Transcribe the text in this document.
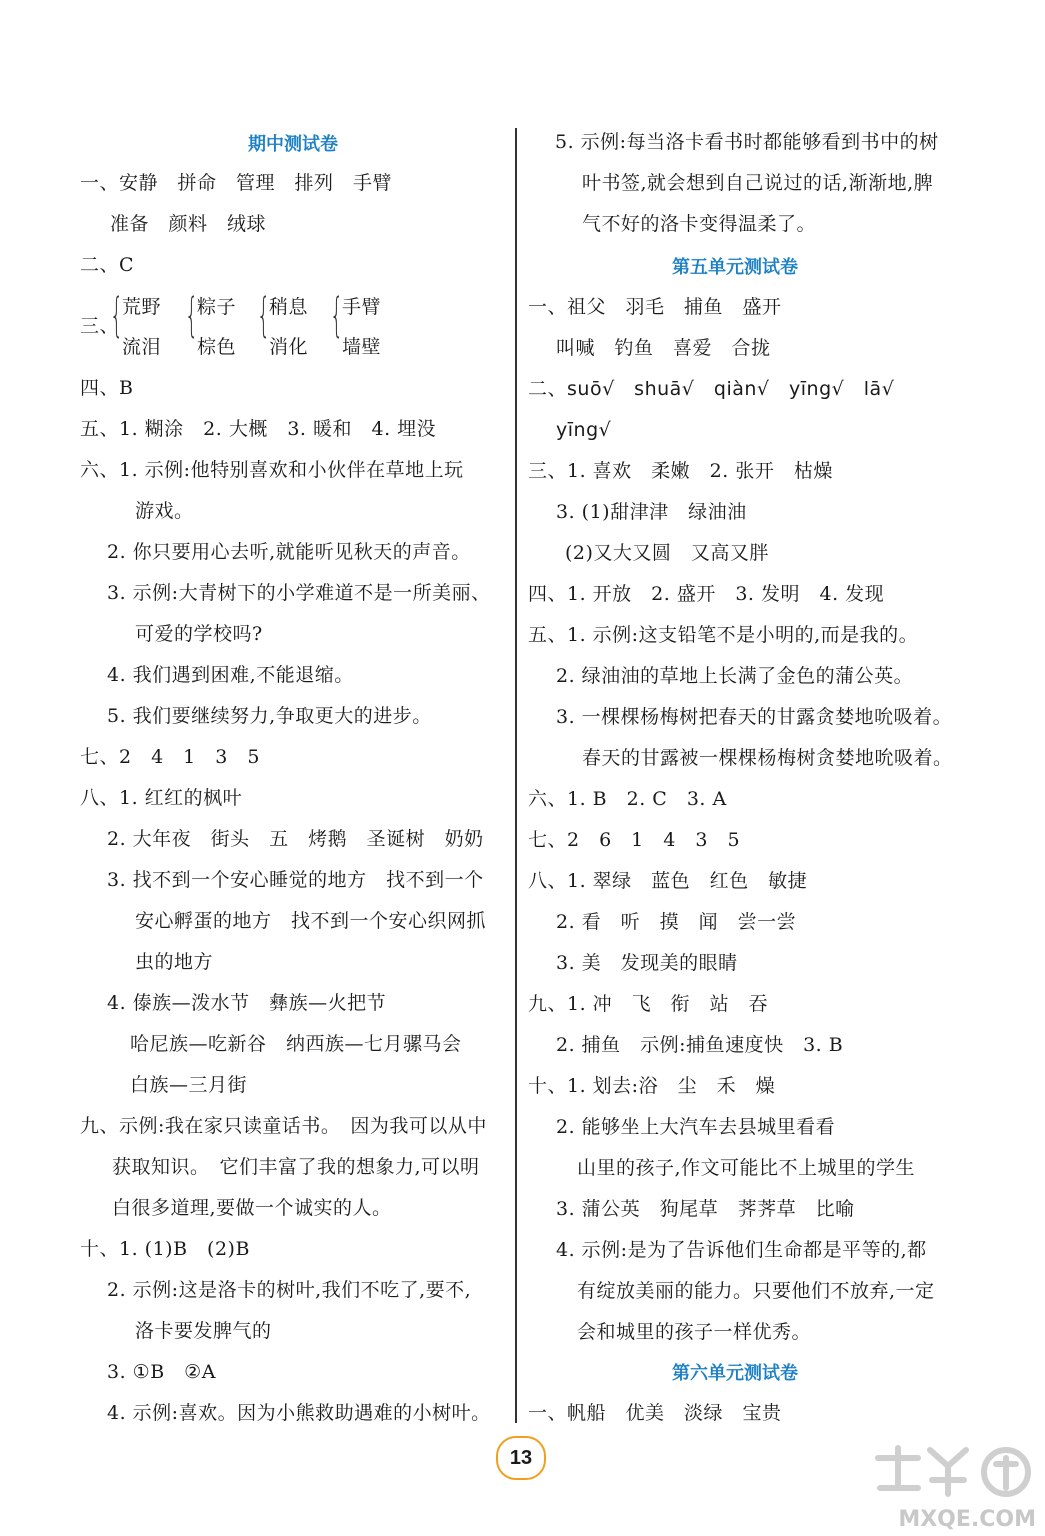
期中测试卷
一、安静　拼命　管理　排列　手臂
准备　颜料　绒球
二、C
三、
{
荒野
流泪
{
粽子
棕色
{
稍息
消化
{
手臂
墙壁
四、B
五、1. 糊涂　2. 大概　3. 暖和　4. 埋没
六、1. 示例:他特别喜欢和小伙伴在草地上玩
游戏。
2. 你只要用心去听,就能听见秋天的声音。
3. 示例:大青树下的小学难道不是一所美丽、
可爱的学校吗?
4. 我们遇到困难,不能退缩。
5. 我们要继续努力,争取更大的进步。
七、2　4　1　3　5
八、1. 红红的枫叶
2. 大年夜　街头　五　烤鹅　圣诞树　奶奶
3. 找不到一个安心睡觉的地方　找不到一个
安心孵蛋的地方　找不到一个安心织网抓
虫的地方
4. 傣族—泼水节　彝族—火把节
哈尼族—吃新谷　纳西族—七月骡马会
白族—三月街
九、示例:我在家只读童话书。　因为我可以从中
获取知识。　它们丰富了我的想象力,可以明
白很多道理,要做一个诚实的人。
十、1. (1)B　(2)B
2. 示例:这是洛卡的树叶,我们不吃了,要不,
洛卡要发脾气的
3. ①B　②A
4. 示例:喜欢。因为小熊救助遇难的小树叶。
5. 示例:每当洛卡看书时都能够看到书中的树
叶书签,就会想到自己说过的话,渐渐地,脾
气不好的洛卡变得温柔了。
第五单元测试卷
一、祖父　羽毛　捕鱼　盛开
叫喊　钓鱼　喜爱　合拢
二、suō√　shuā√　qiàn√　yīng√　lā√
yīng√
三、1. 喜欢　柔嫩　2. 张开　枯燥
3. (1)甜津津　绿油油
(2)又大又圆　又高又胖
四、1. 开放　2. 盛开　3. 发明　4. 发现
五、1. 示例:这支铅笔不是小明的,而是我的。
2. 绿油油的草地上长满了金色的蒲公英。
3. 一棵棵杨梅树把春天的甘露贪婪地吮吸着。
春天的甘露被一棵棵杨梅树贪婪地吮吸着。
六、1. B　2. C　3. A
七、2　6　1　4　3　5
八、1. 翠绿　蓝色　红色　敏捷
2. 看　听　摸　闻　尝一尝
3. 美　发现美的眼睛
九、1. 冲　飞　衔　站　吞
2. 捕鱼　示例:捕鱼速度快　3. B
十、1. 划去:浴　尘　禾　燥
2. 能够坐上大汽车去县城里看看
山里的孩子,作文可能比不上城里的学生
3. 蒲公英　狗尾草　荠荠草　比喻
4. 示例:是为了告诉他们生命都是平等的,都
有绽放美丽的能力。只要他们不放弃,一定
会和城里的孩子一样优秀。
第六单元测试卷
一、帆船　优美　淡绿　宝贵
13
MXQE.COM
